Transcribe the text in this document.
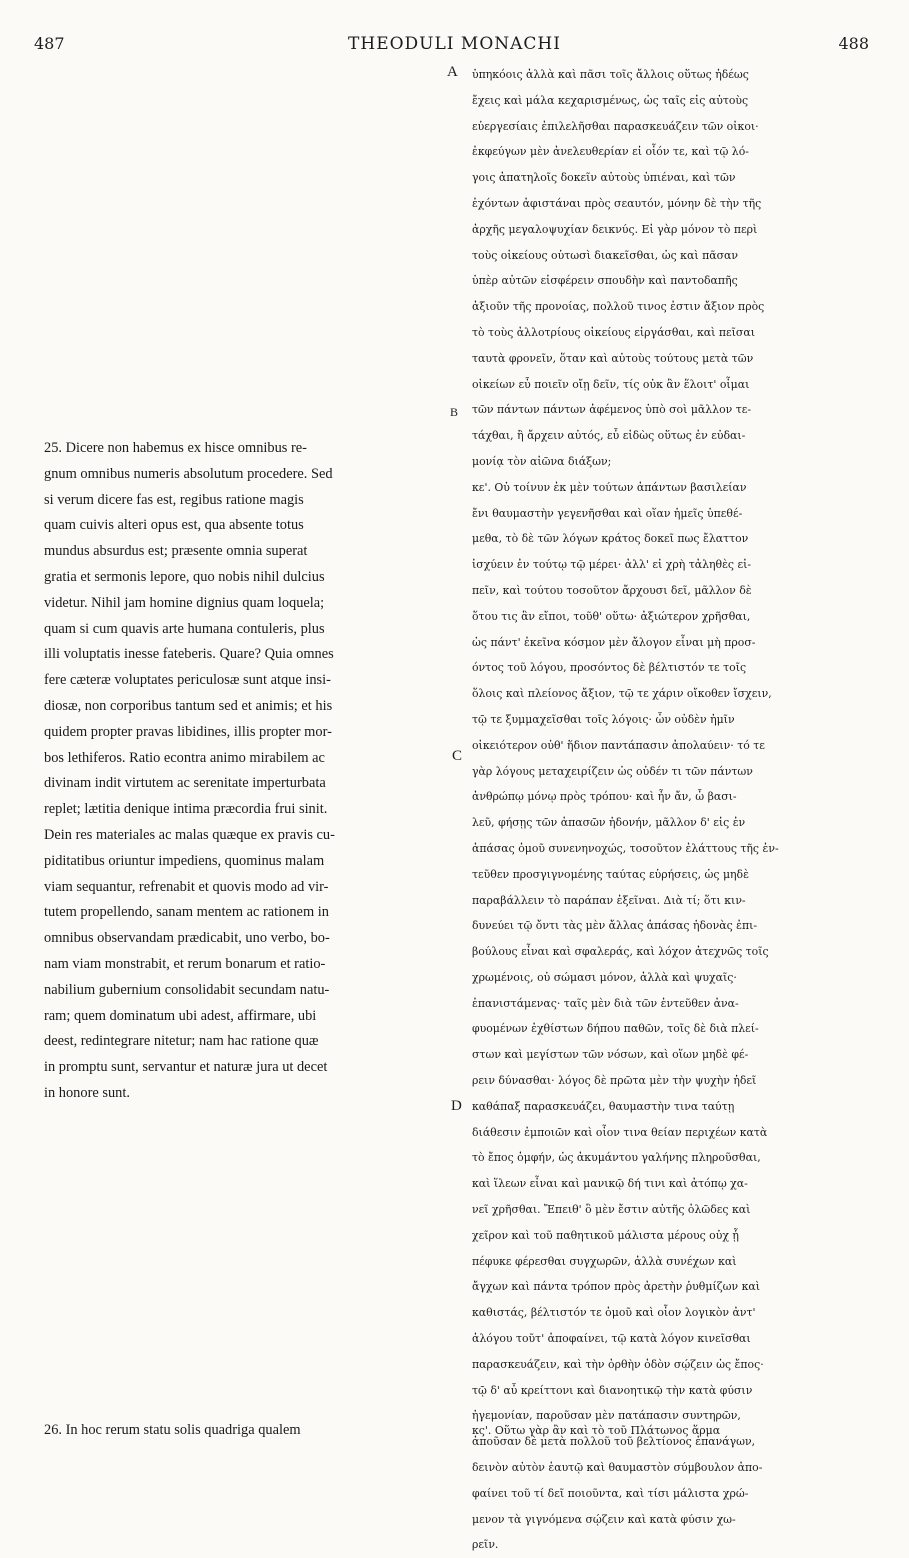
487	THEODULI MONACHI	488
A
B
C
D
25. Dicere non habemus ex hisce omnibus re-
gnum omnibus numeris absolutum procedere. Sed
si verum dicere fas est, regibus ratione magis
quam cuivis alteri opus est, qua absente totus
mundus absurdus est; præsente omnia superat
gratia et sermonis lepore, quo nobis nihil dulcius
videtur. Nihil jam homine dignius quam loquela;
quam si cum quavis arte humana contuleris, plus
illi voluptatis inesse fateberis. Quare? Quia omnes
fere cæteræ voluptates periculosæ sunt atque insi-
diosæ, non corporibus tantum sed et animis; et his
quidem propter pravas libidines, illis propter mor-
bos lethiferos. Ratio econtra animo mirabilem ac
divinam indit virtutem ac serenitate imperturbata
replet; lætitia denique intima præcordia frui sinit.
Dein res materiales ac malas quæque ex pravis cu-
piditatibus oriuntur impediens, quominus malam
viam sequantur, refrenabit et quovis modo ad vir-
tutem propellendo, sanam mentem ac rationem in
omnibus observandam prædicabit, uno verbo, bo-
nam viam monstrabit, et rerum bonarum et ratio-
nabilium gubernium consolidabit secundam natu-
ram; quem dominatum ubi adest, affirmare, ubi
deest, redintegrare nitetur; nam hac ratione quæ
in promptu sunt, servantur et naturæ jura ut decet
in honore sunt.
26. In hoc rerum statu solis quadriga qualem
ὑπηκόοις ἀλλὰ καὶ πᾶσι τοῖς ἄλλοις οὕτως ἡδέως
ἔχεις καὶ μάλα κεχαρισμένως, ὡς ταῖς εἰς αὐτοὺς
εὐεργεσίαις ἐπιλελῆσθαι παρασκευάζειν τῶν οἰκοι·
ἐκφεύγων μὲν ἀνελευθερίαν εἰ οἷόν τε, καὶ τῷ λό-
γοις ἀπατηλοῖς δοκεῖν αὐτοὺς ὑπιέναι, καὶ τῶν
ἐχόντων ἀφιστάναι πρὸς σεαυτόν, μόνην δὲ τὴν τῆς
ἀρχῆς μεγαλοψυχίαν δεικνύς. Εἰ γὰρ μόνον τὸ περὶ
τοὺς οἰκείους οὑτωσὶ διακεῖσθαι, ὡς καὶ πᾶσαν
ὑπὲρ αὐτῶν εἰσφέρειν σπουδὴν καὶ παντοδαπῆς
ἀξιοῦν τῆς προνοίας, πολλοῦ τινος ἐστιν ἄξιον πρὸς
τὸ τοὺς ἀλλοτρίους οἰκείους εἰργάσθαι, καὶ πεῖσαι
ταυτὰ φρονεῖν, ὅταν καὶ αὐτοὺς τούτους μετὰ τῶν
οἰκείων εὖ ποιεῖν οἴῃ δεῖν, τίς οὐκ ἂν ἕλοιτ' οἶμαι
τῶν πάντων πάντων ἀφέμενος ὑπὸ σοὶ μᾶλλον τε-
τάχθαι, ἢ ἄρχειν αὐτός, εὖ εἰδὼς οὕτως ἐν εὐδαι-
μονίᾳ τὸν αἰῶνα διάξων;
κε'. Οὐ τοίνυν ἐκ μὲν τούτων ἁπάντων βασιλείαν
ἔνι θαυμαστὴν γεγενῆσθαι καὶ οἵαν ἡμεῖς ὑπεθέ-
μεθα, τὸ δὲ τῶν λόγων κράτος δοκεῖ πως ἔλαττον
ἰσχύειν ἐν τούτῳ τῷ μέρει· ἀλλ' εἰ χρὴ τἀληθὲς εἰ-
πεῖν, καὶ τούτου τοσοῦτον ἄρχουσι δεῖ, μᾶλλον δὲ
ὅτου τις ἂν εἴποι, τοῦθ' οὕτω· ἀξιώτερον χρῆσθαι,
ὡς πάντ' ἐκεῖνα κόσμον μὲν ἄλογον εἶναι μὴ προσ-
όντος τοῦ λόγου, προσόντος δὲ βέλτιστόν τε τοῖς
ὅλοις καὶ πλείονος ἄξιον, τῷ τε χάριν οἴκοθεν ἴσχειν,
τῷ τε ξυμμαχεῖσθαι τοῖς λόγοις· ὧν οὐδὲν ἡμῖν
οἰκειότερον οὐθ' ἥδιον παντάπασιν ἀπολαύειν· τό τε
γὰρ λόγους μεταχειρίζειν ὡς οὐδέν τι τῶν πάντων
ἀνθρώπῳ μόνῳ πρὸς τρόπου· καὶ ἦν ἄν, ὦ βασι-
λεῦ, φήσῃς τῶν ἁπασῶν ἡδονήν, μᾶλλον δ' εἰς ἐν
ἁπάσας ὁμοῦ συνενηνοχώς, τοσοῦτον ἐλάττους τῆς ἐν-
τεῦθεν προσγιγνομένης ταύτας εὑρήσεις, ὡς μηδὲ
παραβάλλειν τὸ παράπαν ἐξεῖναι. Διὰ τί; ὅτι κιν-
δυνεύει τῷ ὄντι τὰς μὲν ἄλλας ἁπάσας ἡδονὰς ἐπι-
βούλους εἶναι καὶ σφαλεράς, καὶ λόχον ἀτεχνῶς τοῖς
χρωμένοις, οὐ σώμασι μόνον, ἀλλὰ καὶ ψυχαῖς·
ἐπανιστάμενας· ταῖς μὲν διὰ τῶν ἐντεῦθεν ἀνα-
φυομένων ἐχθίστων δήπου παθῶν, τοῖς δὲ διὰ πλεί-
στων καὶ μεγίστων τῶν νόσων, καὶ οἵων μηδὲ φέ-
ρειν δύνασθαι· λόγος δὲ πρῶτα μὲν τὴν ψυχὴν ἡδεῖ
καθάπαξ παρασκευάζει, θαυμαστὴν τινα ταύτῃ
διάθεσιν ἐμποιῶν καὶ οἷον τινα θείαν περιχέων κατὰ
τὸ ἔπος ὁμφήν, ὡς ἀκυμάντου γαλήνης πληροῦσθαι,
καὶ ἵλεων εἶναι καὶ μανικῷ δή τινι καὶ ἀτόπῳ χα-
νεῖ χρῆσθαι. Ἔπειθ' ὃ μὲν ἔστιν αὐτῆς ὀλῶδες καὶ
χεῖρον καὶ τοῦ παθητικοῦ μάλιστα μέρους οὐχ ᾗ
πέφυκε φέρεσθαι συγχωρῶν, ἀλλὰ συνέχων καὶ
ἄγχων καὶ πάντα τρόπον πρὸς ἀρετὴν ῥυθμίζων καὶ
καθιστάς, βέλτιστόν τε ὁμοῦ καὶ οἷον λογικὸν ἀντ'
ἀλόγου τοῦτ' ἀποφαίνει, τῷ κατὰ λόγον κινεῖσθαι
παρασκευάζειν, καὶ τὴν ὀρθὴν ὁδὸν σῴζειν ὡς ἔπος·
τῷ δ' αὖ κρείττονι καὶ διανοητικῷ τὴν κατὰ φύσιν
ἡγεμονίαν, παροῦσαν μὲν πατάπασιν συντηρῶν,
ἀποῦσαν δὲ μετὰ πολλοῦ τοῦ βελτίονος ἐπανάγων,
δεινὸν αὐτὸν ἑαυτῷ καὶ θαυμαστὸν σύμβουλον ἀπο-
φαίνει τοῦ τί δεῖ ποιοῦντα, καὶ τίσι μάλιστα χρώ-
μενον τὰ γιγνόμενα σῴζειν καὶ κατὰ φύσιν χω-
ρεῖν.
κς'. Οὕτω γὰρ ἂν καὶ τὸ τοῦ Πλάτωνος ἅρμα
